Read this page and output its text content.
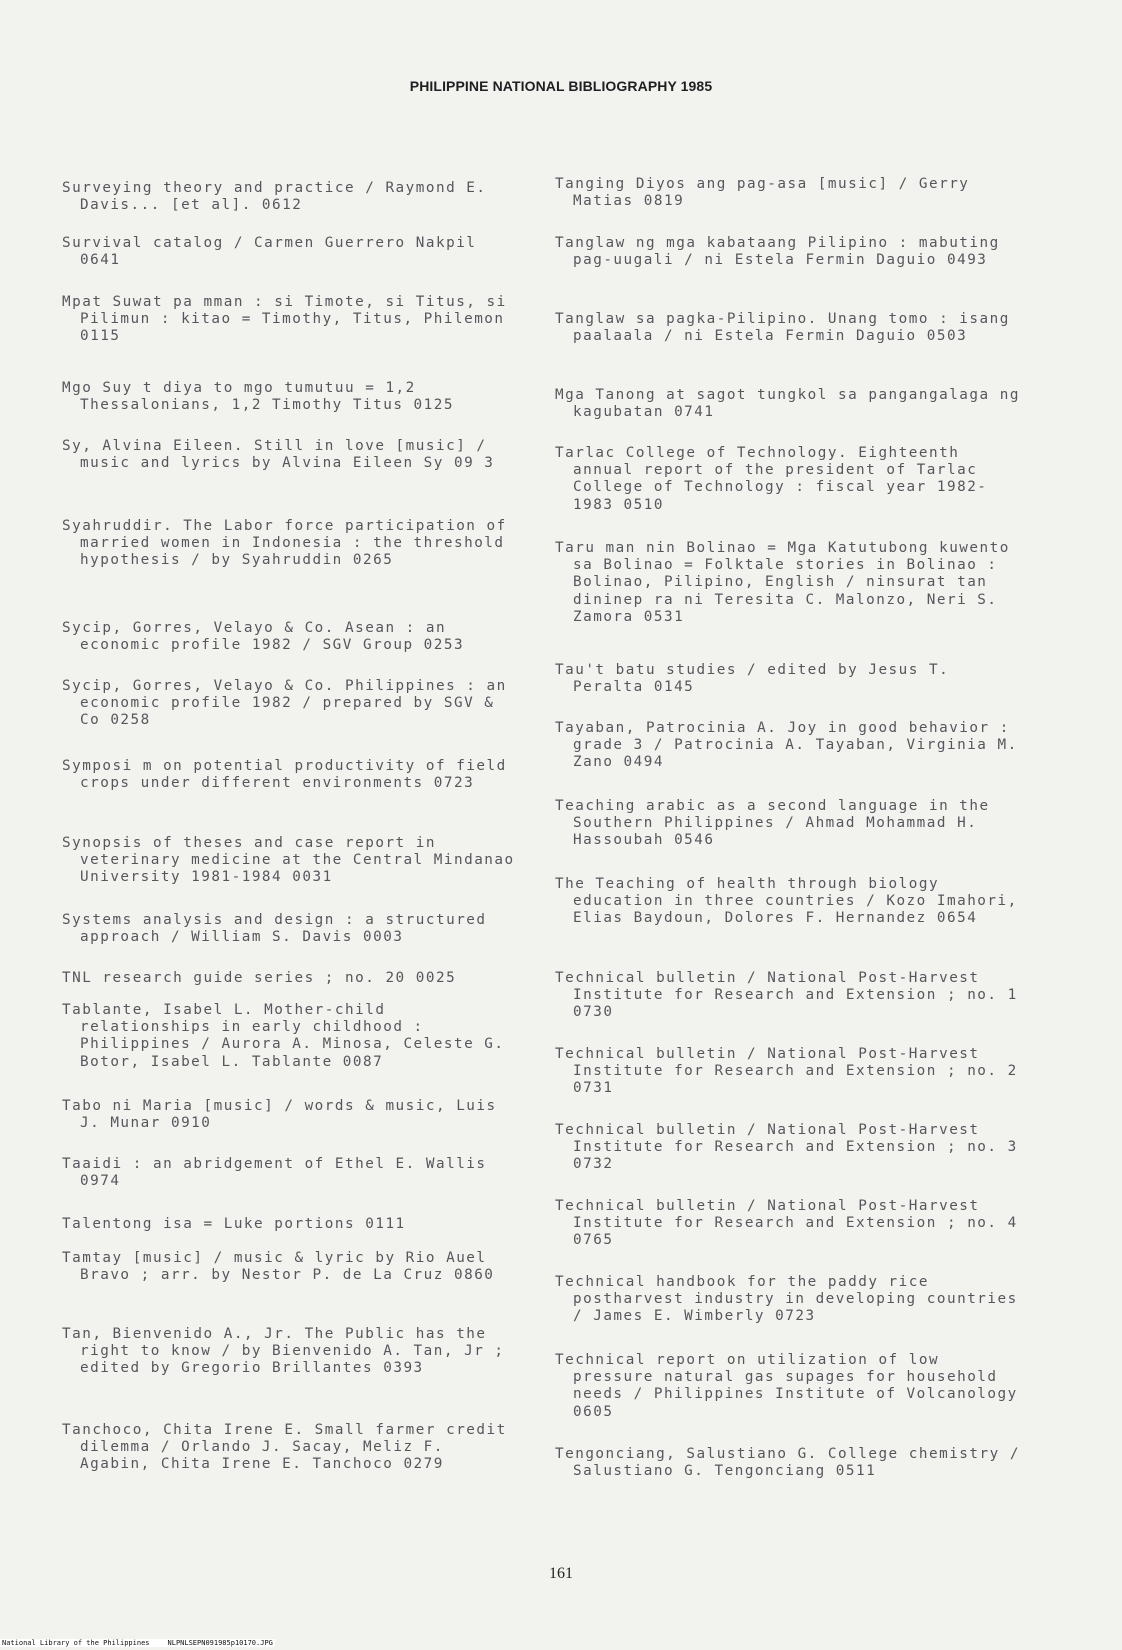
PHILIPPINE NATIONAL BIBLIOGRAPHY 1985
Surveying theory and practice / Raymond E. Davis... [et al]. 0612
Survival catalog / Carmen Guerrero Nakpil 0641
Mpat Suwat pa mman : si Timote, si Titus, si Pilimun : kitao = Timothy, Titus, Philemon 0115
Mgo Suy t diya to mgo tumutuu = 1,2 Thessalonians, 1,2 Timothy Titus 0125
Sy, Alvina Eileen. Still in love [music] / music and lyrics by Alvina Eileen Sy 09 3
Syahruddir. The Labor force participation of married women in Indonesia : the threshold hypothesis / by Syahruddin 0265
Sycip, Gorres, Velayo & Co. Asean : an economic profile 1982 / SGV Group 0253
Sycip, Gorres, Velayo & Co. Philippines : an economic profile 1982 / prepared by SGV & Co 0258
Symposi m on potential productivity of field crops under different environments 0723
Synopsis of theses and case report in veterinary medicine at the Central Mindanao University 1981-1984 0031
Systems analysis and design : a structured approach / William S. Davis 0003
TNL research guide series ; no. 20 0025
Tablante, Isabel L. Mother-child relationships in early childhood : Philippines / Aurora A. Minosa, Celeste G. Botor, Isabel L. Tablante 0087
Tabo ni Maria [music] / words & music, Luis J. Munar 0910
Taaidi : an abridgement of Ethel E. Wallis 0974
Talentong isa = Luke portions 0111
Tamtay [music] / music & lyric by Rio Auel Bravo ; arr. by Nestor P. de La Cruz 0860
Tan, Bienvenido A., Jr. The Public has the right to know / by Bienvenido A. Tan, Jr ; edited by Gregorio Brillantes 0393
Tanchoco, Chita Irene E. Small farmer credit dilemma / Orlando J. Sacay, Meliz F. Agabin, Chita Irene E. Tanchoco 0279
Tanging Diyos ang pag-asa [music] / Gerry Matias 0819
Tanglaw ng mga kabataang Pilipino : mabuting pag-uugali / ni Estela Fermin Daguio 0493
Tanglaw sa pagka-Pilipino. Unang tomo : isang paalaala / ni Estela Fermin Daguio 0503
Mga Tanong at sagot tungkol sa pangangalaga ng kagubatan 0741
Tarlac College of Technology. Eighteenth annual report of the president of Tarlac College of Technology : fiscal year 1982-1983 0510
Taru man nin Bolinao = Mga Katutubong kuwento sa Bolinao = Folktale stories in Bolinao : Bolinao, Pilipino, English / ninsurat tan dininep ra ni Teresita C. Malonzo, Neri S. Zamora 0531
Tau't batu studies / edited by Jesus T. Peralta 0145
Tayaban, Patrocinia A. Joy in good behavior : grade 3 / Patrocinia A. Tayaban, Virginia M. Zano 0494
Teaching arabic as a second language in the Southern Philippines / Ahmad Mohammad H. Hassoubah 0546
The Teaching of health through biology education in three countries / Kozo Imahori, Elias Baydoun, Dolores F. Hernandez 0654
Technical bulletin / National Post-Harvest Institute for Research and Extension ; no. 1 0730
Technical bulletin / National Post-Harvest Institute for Research and Extension ; no. 2 0731
Technical bulletin / National Post-Harvest Institute for Research and Extension ; no. 3 0732
Technical bulletin / National Post-Harvest Institute for Research and Extension ; no. 4 0765
Technical handbook for the paddy rice postharvest industry in developing countries / James E. Wimberly 0723
Technical report on utilization of low pressure natural gas supages for household needs / Philippines Institute of Volcanology 0605
Tengonciang, Salustiano G. College chemistry / Salustiano G. Tengonciang 0511
161
National Library of the Philippines	NLPNLSEPN091985p10170.JPG
